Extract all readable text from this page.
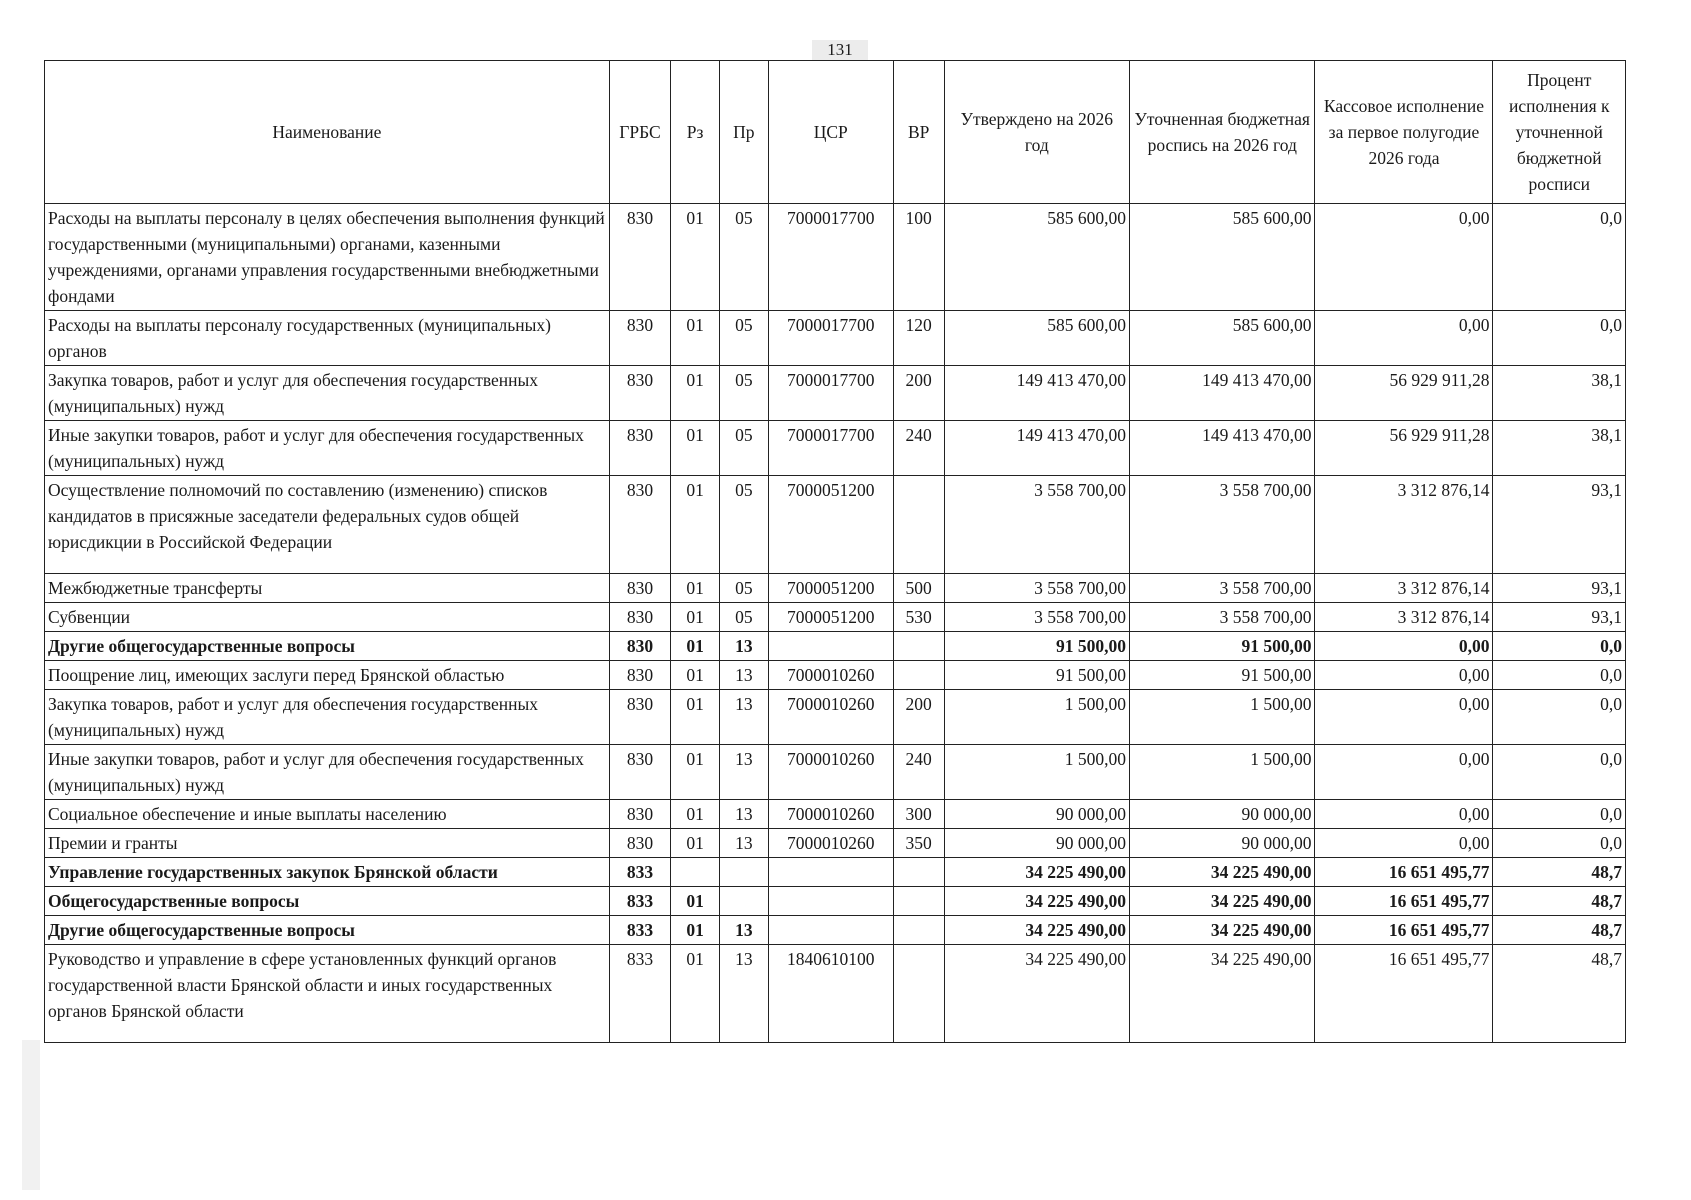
131
Наименование	ГРБС	Рз	Пр	ЦСР	ВР	Утверждено на 2026 год	Уточненная бюджетная роспись на 2026 год	Кассовое исполнение за первое полугодие 2026 года	Процент исполнения к уточненной бюджетной росписи
Расходы на выплаты персоналу в целях обеспечения выполнения функций государственными (муниципальными) органами, казенными учреждениями, органами управления государственными внебюджетными фондами	830	01	05	7000017700	100	585 600,00	585 600,00	0,00	0,0
Расходы на выплаты персоналу государственных (муниципальных) органов	830	01	05	7000017700	120	585 600,00	585 600,00	0,00	0,0
Закупка товаров, работ и услуг для обеспечения государственных (муниципальных) нужд	830	01	05	7000017700	200	149 413 470,00	149 413 470,00	56 929 911,28	38,1
Иные закупки товаров, работ и услуг для обеспечения государственных (муниципальных) нужд	830	01	05	7000017700	240	149 413 470,00	149 413 470,00	56 929 911,28	38,1
Осуществление полномочий по составлению (изменению) списков кандидатов в присяжные заседатели федеральных судов общей юрисдикции в Российской Федерации	830	01	05	7000051200		3 558 700,00	3 558 700,00	3 312 876,14	93,1
Межбюджетные трансферты	830	01	05	7000051200	500	3 558 700,00	3 558 700,00	3 312 876,14	93,1
Субвенции	830	01	05	7000051200	530	3 558 700,00	3 558 700,00	3 312 876,14	93,1
Другие общегосударственные вопросы	830	01	13			91 500,00	91 500,00	0,00	0,0
Поощрение лиц, имеющих заслуги перед Брянской областью	830	01	13	7000010260		91 500,00	91 500,00	0,00	0,0
Закупка товаров, работ и услуг для обеспечения государственных (муниципальных) нужд	830	01	13	7000010260	200	1 500,00	1 500,00	0,00	0,0
Иные закупки товаров, работ и услуг для обеспечения государственных (муниципальных) нужд	830	01	13	7000010260	240	1 500,00	1 500,00	0,00	0,0
Социальное обеспечение и иные выплаты населению	830	01	13	7000010260	300	90 000,00	90 000,00	0,00	0,0
Премии и гранты	830	01	13	7000010260	350	90 000,00	90 000,00	0,00	0,0
Управление государственных закупок Брянской области	833					34 225 490,00	34 225 490,00	16 651 495,77	48,7
Общегосударственные вопросы	833	01				34 225 490,00	34 225 490,00	16 651 495,77	48,7
Другие общегосударственные вопросы	833	01	13			34 225 490,00	34 225 490,00	16 651 495,77	48,7
Руководство и управление в сфере установленных функций органов государственной власти Брянской области и иных государственных органов Брянской области	833	01	13	1840610100		34 225 490,00	34 225 490,00	16 651 495,77	48,7
